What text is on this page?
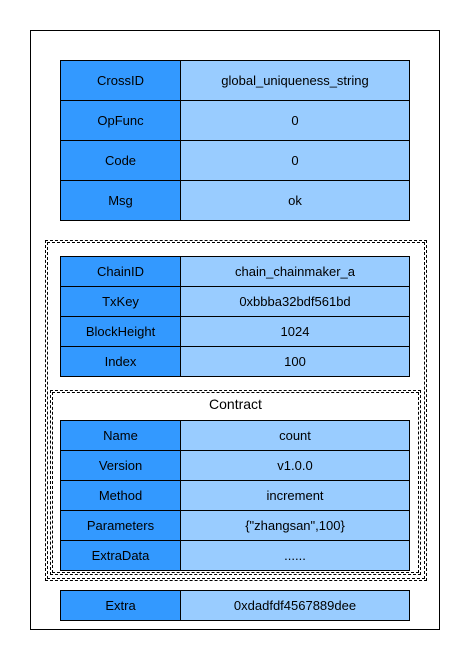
CrossID	global_uniqueness_string
OpFunc	0
Code	0
Msg	ok
ChainID	chain_chainmaker_a
TxKey	0xbbba32bdf561bd
BlockHeight	1024
Index	100
Contract
Name	count
Version	v1.0.0
Method	increment
Parameters	{"zhangsan",100}
ExtraData	......
Extra	0xdadfdf4567889dee
